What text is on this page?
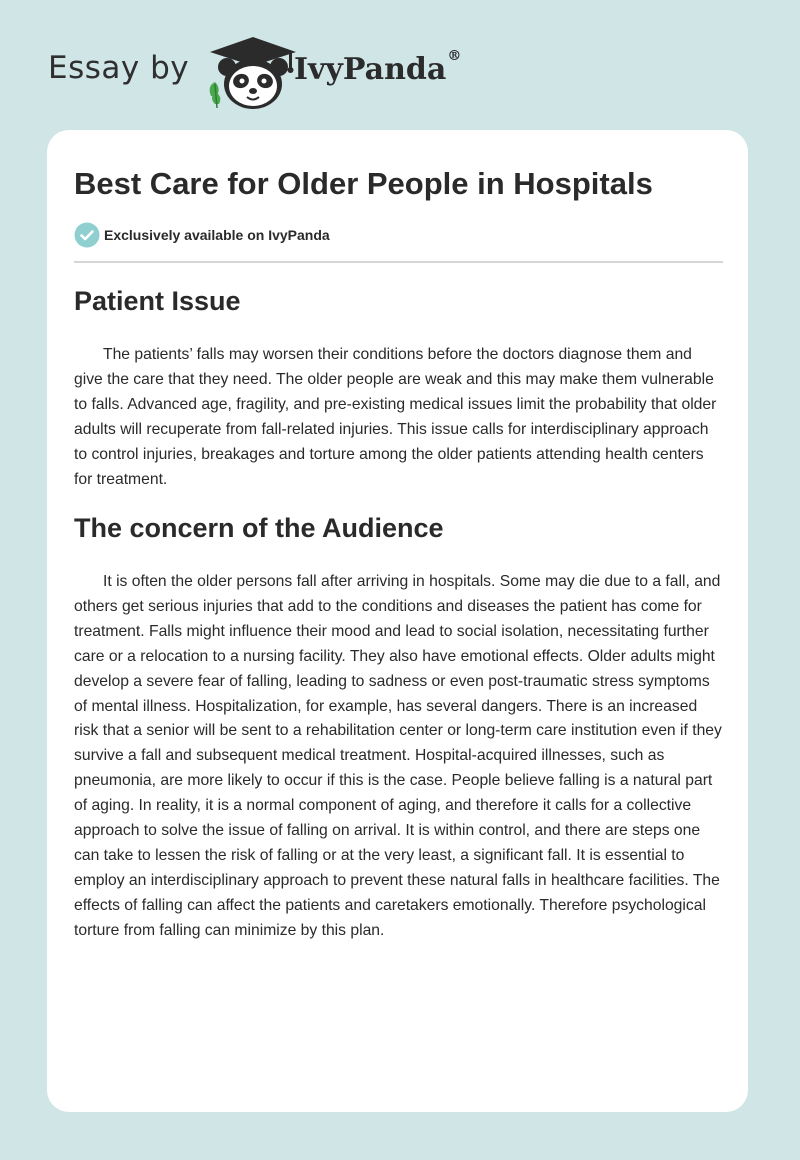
Essay by	IvyPanda®
Best Care for Older People in Hospitals
Exclusively available on IvyPanda
Patient Issue

The patients’ falls may worsen their conditions before the doctors diagnose them and give the care that they need. The older people are weak and this may make them vulnerable to falls. Advanced age, fragility, and pre-existing medical issues limit the probability that older adults will recuperate from fall-related injuries. This issue calls for interdisciplinary approach to control injuries, breakages and torture among the older patients attending health centers for treatment.

The concern of the Audience

It is often the older persons fall after arriving in hospitals. Some may die due to a fall, and others get serious injuries that add to the conditions and diseases the patient has come for treatment. Falls might influence their mood and lead to social isolation, necessitating further care or a relocation to a nursing facility. They also have emotional effects. Older adults might develop a severe fear of falling, leading to sadness or even post-traumatic stress symptoms of mental illness. Hospitalization, for example, has several dangers. There is an increased risk that a senior will be sent to a rehabilitation center or long-term care institution even if they survive a fall and subsequent medical treatment. Hospital-acquired illnesses, such as pneumonia, are more likely to occur if this is the case. People believe falling is a natural part of aging. In reality, it is a normal component of aging, and therefore it calls for a collective approach to solve the issue of falling on arrival. It is within control, and there are steps one can take to lessen the risk of falling or at the very least, a significant fall. It is essential to employ an interdisciplinary approach to prevent these natural falls in healthcare facilities. The effects of falling can affect the patients and caretakers emotionally. Therefore psychological torture from falling can minimize by this plan.
